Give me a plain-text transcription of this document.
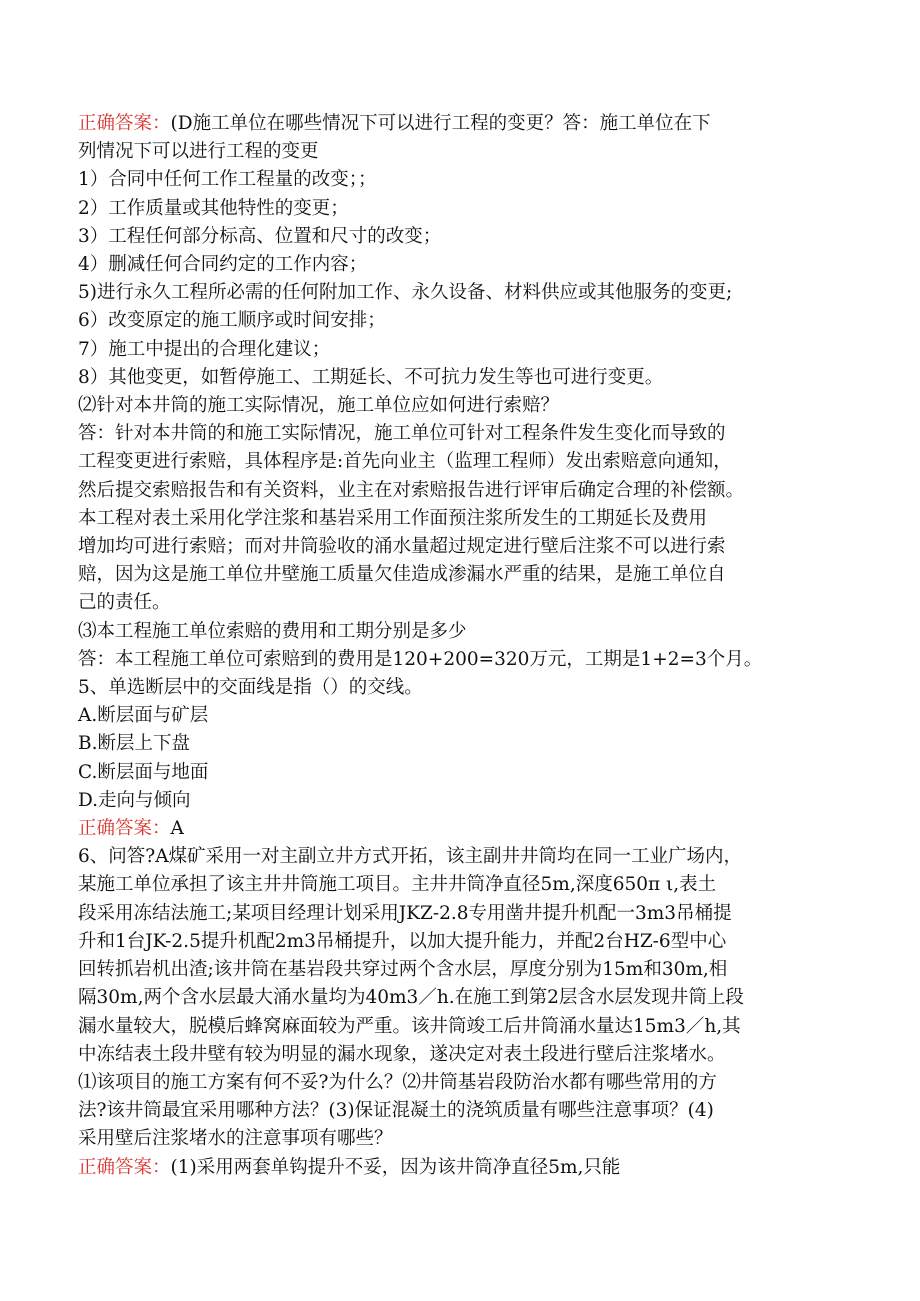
正确答案：(D施工单位在哪些情况下可以进行工程的变更？答：施工单位在下
列情况下可以进行工程的变更
1）合同中任何工作工程量的改变；；
2）工作质量或其他特性的变更；
3）工程任何部分标高、位置和尺寸的改变；
4）删减任何合同约定的工作内容；
5)进行永久工程所必需的任何附加工作、永久设备、材料供应或其他服务的变更;
6）改变原定的施工顺序或时间安排；
7）施工中提出的合理化建议；
8）其他变更，如暂停施工、工期延长、不可抗力发生等也可进行变更。
⑵针对本井筒的施工实际情况，施工单位应如何进行索赔？
答：针对本井筒的和施工实际情况，施工单位可针对工程条件发生变化而导致的
工程变更进行索赔，具体程序是:首先向业主（监理工程师）发出索赔意向通知，
然后提交索赔报告和有关资料，业主在对索赔报告进行评审后确定合理的补偿额。
本工程对表土采用化学注浆和基岩采用工作面预注浆所发生的工期延长及费用
增加均可进行索赔；而对井筒验收的涌水量超过规定进行壁后注浆不可以进行索
赔，因为这是施工单位井壁施工质量欠佳造成渗漏水严重的结果，是施工单位自
己的责任。
⑶本工程施工单位索赔的费用和工期分别是多少
答：本工程施工单位可索赔到的费用是120+200=320万元，工期是1+2=3个月。
5、单选断层中的交面线是指（）的交线。
A.断层面与矿层
B.断层上下盘
C.断层面与地面
D.走向与倾向
正确答案：A
6、问答?A煤矿采用一对主副立井方式开拓，该主副井井筒均在同一工业广场内，
某施工单位承担了该主井井筒施工项目。主井井筒净直径5m,深度650π ι,表土
段采用冻结法施工;某项目经理计划采用JKZ-2.8专用凿井提升机配一3m3吊桶提
升和1台JK-2.5提升机配2m3吊桶提升，以加大提升能力，并配2台HZ-6型中心
回转抓岩机出渣;该井筒在基岩段共穿过两个含水层，厚度分别为15m和30m,相
隔30m,两个含水层最大涌水量均为40m3／h.在施工到第2层含水层发现井筒上段
漏水量较大，脱模后蜂窝麻面较为严重。该井筒竣工后井筒涌水量达15m3／h,其
中冻结表土段井壁有较为明显的漏水现象，遂决定对表土段进行壁后注浆堵水。
⑴该项目的施工方案有何不妥?为什么？⑵井筒基岩段防治水都有哪些常用的方
法?该井筒最宜采用哪种方法？(3)保证混凝土的浇筑质量有哪些注意事项？(4)
采用壁后注浆堵水的注意事项有哪些？
正确答案：(1)采用两套单钩提升不妥，因为该井筒净直径5m,只能
